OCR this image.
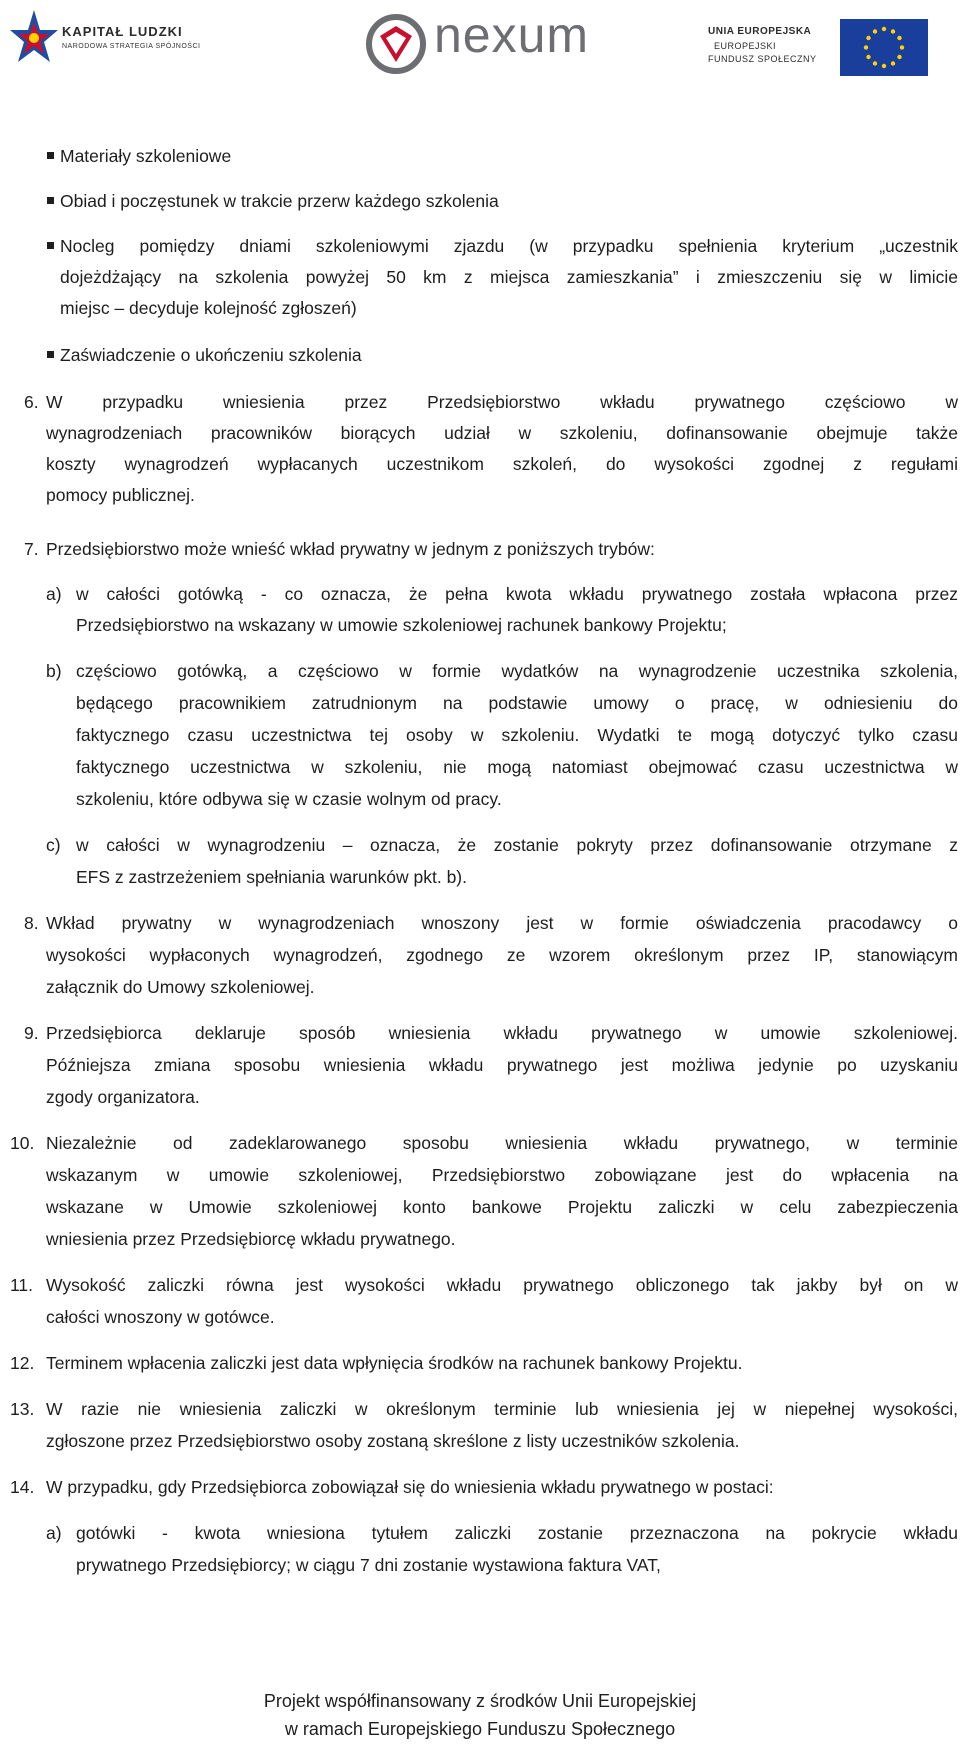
KAPITAŁ LUDZKI
NARODOWA STRATEGIA SPÓJNOŚCI	nexum	UNIA EUROPEJSKA
EUROPEJSKI
FUNDUSZ SPOŁECZNY
Materiały szkoleniowe
Obiad i poczęstunek w trakcie przerw każdego szkolenia
Nocleg pomiędzy dniami szkoleniowymi zjazdu (w przypadku spełnienia kryterium „uczestnik
dojeżdżający na szkolenia powyżej 50 km z miejsca zamieszkania” i zmieszczeniu się w limicie
miejsc – decyduje kolejność zgłoszeń)
Zaświadczenie o ukończeniu szkolenia
6. W przypadku wniesienia przez Przedsiębiorstwo wkładu prywatnego częściowo w
wynagrodzeniach pracowników biorących udział w szkoleniu, dofinansowanie obejmuje także
koszty wynagrodzeń wypłacanych uczestnikom szkoleń, do wysokości zgodnej z regułami
pomocy publicznej.
7. Przedsiębiorstwo może wnieść wkład prywatny w jednym z poniższych trybów:
a) w całości gotówką - co oznacza, że pełna kwota wkładu prywatnego została wpłacona przez
Przedsiębiorstwo na wskazany w umowie szkoleniowej rachunek bankowy Projektu;
b) częściowo gotówką, a częściowo w formie wydatków na wynagrodzenie uczestnika szkolenia,
będącego pracownikiem zatrudnionym na podstawie umowy o pracę, w odniesieniu do
faktycznego czasu uczestnictwa tej osoby w szkoleniu. Wydatki te mogą dotyczyć tylko czasu
faktycznego uczestnictwa w szkoleniu, nie mogą natomiast obejmować czasu uczestnictwa w
szkoleniu, które odbywa się w czasie wolnym od pracy.
c) w całości w wynagrodzeniu – oznacza, że zostanie pokryty przez dofinansowanie otrzymane z
EFS z zastrzeżeniem spełniania warunków pkt. b).
8. Wkład prywatny w wynagrodzeniach wnoszony jest w formie oświadczenia pracodawcy o
wysokości wypłaconych wynagrodzeń, zgodnego ze wzorem określonym przez IP, stanowiącym
załącznik do Umowy szkoleniowej.
9. Przedsiębiorca deklaruje sposób wniesienia wkładu prywatnego w umowie szkoleniowej.
Późniejsza zmiana sposobu wniesienia wkładu prywatnego jest możliwa jedynie po uzyskaniu
zgody organizatora.
10. Niezależnie od zadeklarowanego sposobu wniesienia wkładu prywatnego, w terminie
wskazanym w umowie szkoleniowej, Przedsiębiorstwo zobowiązane jest do wpłacenia na
wskazane w Umowie szkoleniowej konto bankowe Projektu zaliczki w celu zabezpieczenia
wniesienia przez Przedsiębiorcę wkładu prywatnego.
11. Wysokość zaliczki równa jest wysokości wkładu prywatnego obliczonego tak jakby był on w
całości wnoszony w gotówce.
12. Terminem wpłacenia zaliczki jest data wpłynięcia środków na rachunek bankowy Projektu.
13. W razie nie wniesienia zaliczki w określonym terminie lub wniesienia jej w niepełnej wysokości,
zgłoszone przez Przedsiębiorstwo osoby zostaną skreślone z listy uczestników szkolenia.
14. W przypadku, gdy Przedsiębiorca zobowiązał się do wniesienia wkładu prywatnego w postaci:
a) gotówki - kwota wniesiona tytułem zaliczki zostanie przeznaczona na pokrycie wkładu
prywatnego Przedsiębiorcy; w ciągu 7 dni zostanie wystawiona faktura VAT,
Projekt współfinansowany z środków Unii Europejskiej
w ramach Europejskiego Funduszu Społecznego
